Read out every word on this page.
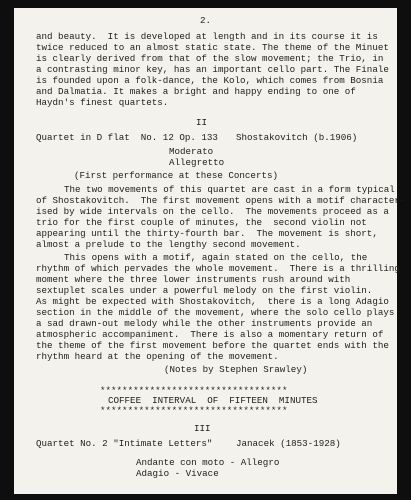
2.
and beauty.  It is developed at length and in its course it is
twice reduced to an almost static state. The theme of the Minuet
is clearly derived from that of the slow movement; the Trio, in
a contrasting minor key, has an important cello part. The Finale
is founded upon a folk-dance, the Kolo, which comes from Bosnia
and Dalmatia. It makes a bright and happy ending to one of
Haydn's finest quartets.
II
Quartet in D flat  No. 12 Op. 133 Shostakovitch (b.1906)
Moderato
Allegretto
(First performance at these Concerts)
The two movements of this quartet are cast in a form typical
of Shostakovitch.  The first movement opens with a motif character-
ised by wide intervals on the cello.  The movements proceed as a
trio for the first couple of minutes, the  second violin not
appearing until the thirty-fourth bar.  The movement is short,
almost a prelude to the lengthy second movement.
This opens with a motif, again stated on the cello, the
rhythm of which pervades the whole movement.  There is a thrilling
moment where the three lower instruments rush around with
sextuplet scales under a powerful melody on the first violin.
As might be expected with Shostakovitch,  there is a long Adagio
section in the middle of the movement, where the solo cello plays
a sad drawn-out melody while the other instruments provide an
atmospheric accompaniment.  There is also a momentary return of
the theme of the first movement before the quartet ends with the
rhythm heard at the opening of the movement.
(Notes by Stephen Srawley)
**********************************
COFFEE  INTERVAL  OF  FIFTEEN  MINUTES
**********************************
III
Quartet No. 2 "Intimate Letters"	Janacek (1853-1928)
Andante con moto - Allegro
Adagio - Vivace
